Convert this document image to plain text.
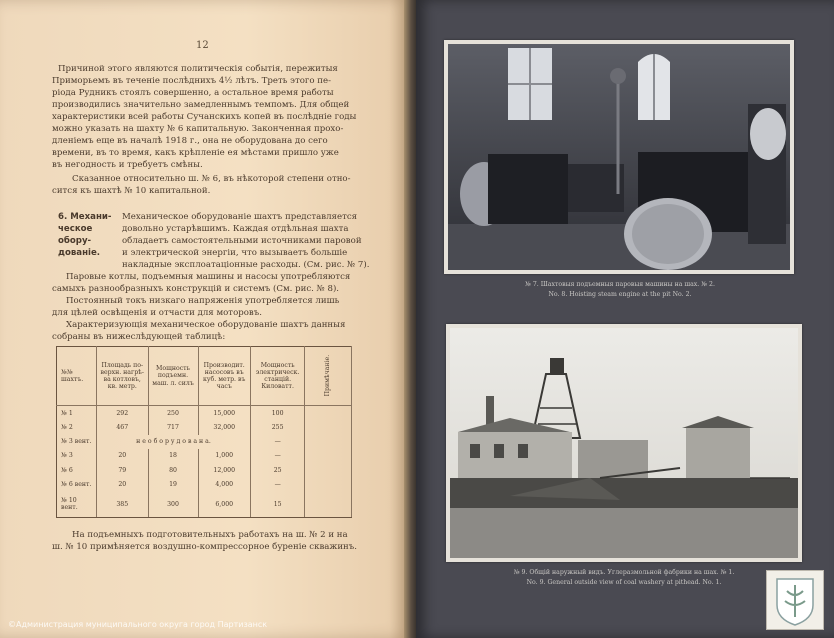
12

Причиной этого являются политическія событія, пережитыя

Приморьемъ въ теченіе послѣднихъ 4½ лѣтъ. Треть этого пе-

ріода Рудникъ стоялъ совершенно, а остальное время работы

производились значительно замедленнымъ темпомъ. Для общей

характеристики всей работы Сучанскихъ копей въ послѣдніе годы

можно указать на шахту № 6 капитальную. Законченная прохо-

дленіемъ еще въ началѣ 1918 г., она не оборудована до сего

времени, въ то время, какъ крѣпленіе ея мѣстами пришло уже

въ негодность и требуетъ смѣны.

Сказанное относительно ш. № 6, въ нѣкоторой степени отно-

сится къ шахтѣ № 10 капитальной.

6. Механи-ческое обору-дованіе.

Механическое оборудованіе шахтъ представляется

довольно устарѣвшимъ. Каждая отдѣльная шахта

обладаетъ самостоятельными источниками паровой

и электрической энергіи, что вызываетъ большіе

накладные эксплоатаціонные расходы. (См. рис. № 7).

Паровые котлы, подъемныя машины и насосы употребляются

самыхъ разнообразныхъ конструкцій и системъ (См. рис. № 8).

Постоянный токъ низкаго напряженія употребляется лишь

для цѣлей освѣщенія и отчасти для моторовъ.

Характеризующія механическое оборудованіе шахтъ данныя

собраны въ нижеслѣдующей таблицѣ:

№№ шахтъ.	Площадь по-верхн. нагрѣ-ва котловъ, кв. метр.	Мощность подъемн. маш. л. силъ	Производит. насосовъ въ куб. метр. въ часъ	Мощность электрическ. станцій. Киловатт.	Примѣчаніе.
№ 1	292	250	15,000	100	
№ 2	467	717	32,000	255	
№ 3 вент.	н е о б о р у д о в а н а.			—	
№ 3	20	18	1,000	—	
№ 6	79	80	12,000	25	
№ 6 вент.	20	19	4,000	—	
№ 10 вент.	385	300	6,000	15	

На подъемныхъ подготовительныхъ работахъ на ш. № 2 и на

ш. № 10 примѣняется воздушно-компрессорное буреніе скважинъ.

№ 7. Шахтовыя подъемныя паровыя машины на шах. № 2.
No. 8. Hoisting steam engine at the pit No. 2.
№ 9. Общій наружный видъ. Углеразмольной фабрики на шах. № 1.
No. 9. General outside view of coal washery at pithead. No. 1.
©Администрация муниципального округа город Партизанск
